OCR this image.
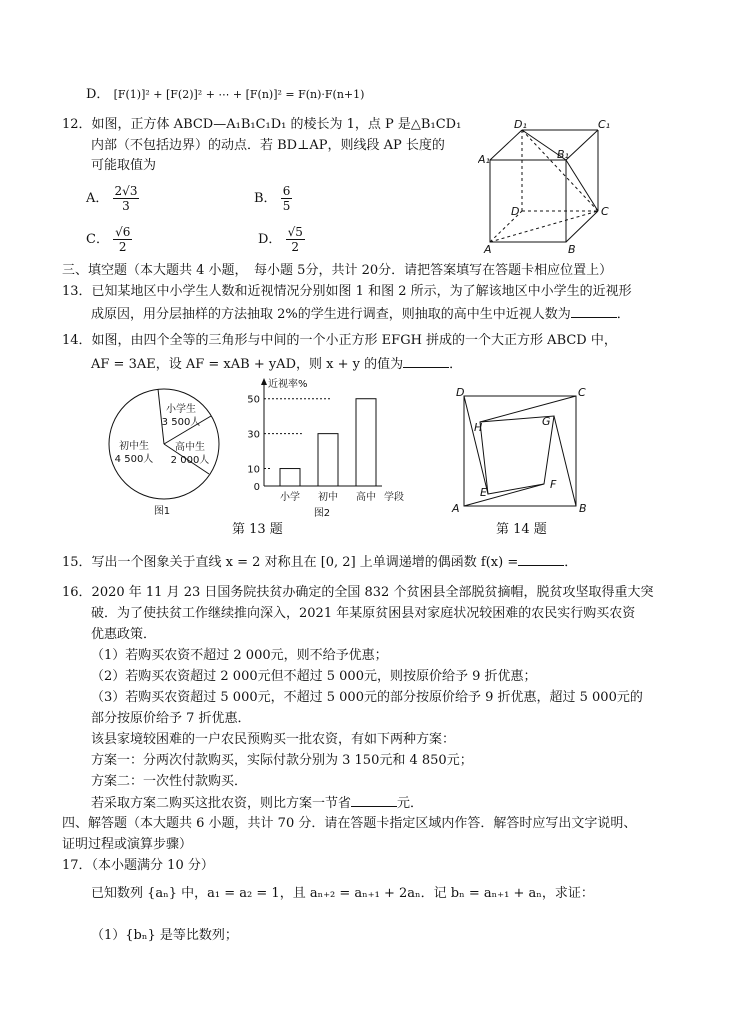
D． [F(1)]² + [F(2)]² + ⋯ + [F(n)]² = F(n)·F(n+1)
12．如图，正方体 ABCD—A₁B₁C₁D₁ 的棱长为 1，点 P 是△B₁CD₁
内部（不包括边界）的动点．若 BD⊥AP，则线段 AP 长度的
可能取值为
A． $\frac{2√3}{3}$	B． $\frac{6}{5}$
C． $\frac{√6}{2}$	D． $\frac{√5}{2}$
D₁	C₁
A₁	B₁
D	C
A	B
三、填空题（本大题共 4 小题，　每小题 5分，共计 20分．请把答案填写在答题卡相应位置上）
13．已知某地区中小学生人数和近视情况分别如图 1 和图 2 所示，为了解该地区中小学生的近视形
成原因，用分层抽样的方法抽取 2%的学生进行调查，则抽取的高中生中近视人数为	．
14．如图，由四个全等的三角形与中间的一个小正方形 EFGH 拼成的一个大正方形 ABCD 中，
AF = 3AE，设 AF = xAB + yAD，则 x + y 的值为	．
小学生
3 500人
初中生
4 500人
高中生
2 000人
图1
近视率%
学段
0
10
30
50
小学 初中 高中
图2
D	C
A	B
H	G
E
F
第 13 题	第 14 题
15．写出一个图象关于直线 x = 2 对称且在 [0, 2] 上单调递增的偶函数 f(x) =	．
16．2020 年 11 月 23 日国务院扶贫办确定的全国 832 个贫困县全部脱贫摘帽，脱贫攻坚取得重大突
破．为了使扶贫工作继续推向深入，2021 年某原贫困县对家庭状况较困难的农民实行购买农资
优惠政策．
（1）若购买农资不超过 2 000元，则不给予优惠；
（2）若购买农资超过 2 000元但不超过 5 000元，则按原价给予 9 折优惠；
（3）若购买农资超过 5 000元，不超过 5 000元的部分按原价给予 9 折优惠，超过 5 000元的
部分按原价给予 7 折优惠．
该县家境较困难的一户农民预购买一批农资，有如下两种方案：
方案一：分两次付款购买，实际付款分别为 3 150元和 4 850元；
方案二：一次性付款购买．
若采取方案二购买这批农资，则比方案一节省	元．
四、解答题（本大题共 6 小题，共计 70 分．请在答题卡指定区域内作答．解答时应写出文字说明、
证明过程或演算步骤）
17．（本小题满分 10 分）
已知数列 {aₙ} 中，a₁ = a₂ = 1，且 aₙ₊₂ = aₙ₊₁ + 2aₙ．记 bₙ = aₙ₊₁ + aₙ，求证：
（1）{bₙ} 是等比数列；
